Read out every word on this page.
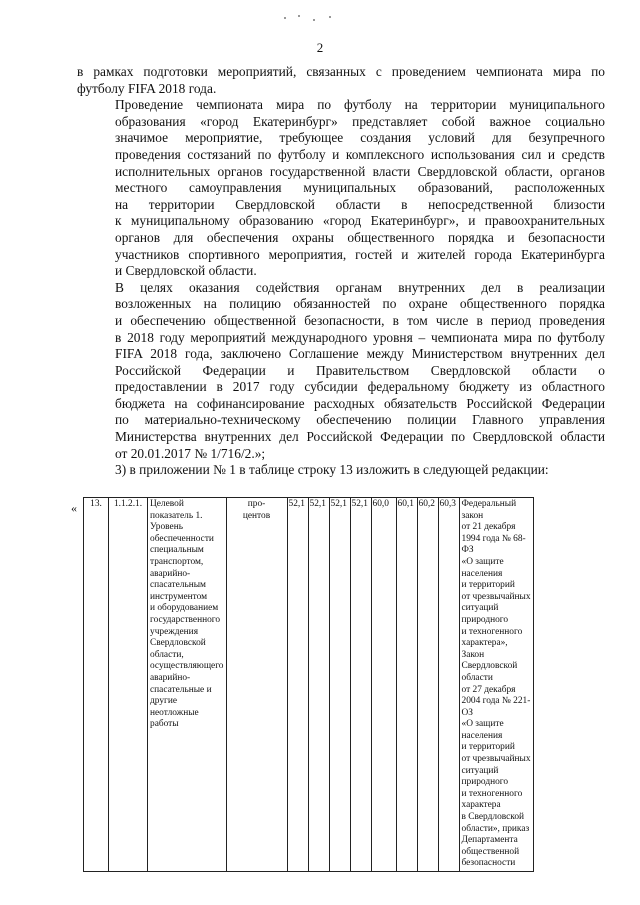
2

в рамках подготовки мероприятий, связанных с проведением чемпионата мира по
футболу FIFA 2018 года.

Проведение чемпионата мира по футболу на территории муниципального
образования «город Екатеринбург» представляет собой важное социально
значимое мероприятие, требующее создания условий для безупречного
проведения состязаний по футболу и комплексного использования сил и средств
исполнительных органов государственной власти Свердловской области, органов
местного самоуправления муниципальных образований, расположенных
на территории Свердловской области в непосредственной близости
к муниципальному образованию «город Екатеринбург», и правоохранительных
органов для обеспечения охраны общественного порядка и безопасности
участников спортивного мероприятия, гостей и жителей города Екатеринбурга
и Свердловской области.

В целях оказания содействия органам внутренних дел в реализации
возложенных на полицию обязанностей по охране общественного порядка
и обеспечению общественной безопасности, в том числе в период проведения
в 2018 году мероприятий международного уровня – чемпионата мира по футболу
FIFA 2018 года, заключено Соглашение между Министерством внутренних дел
Российской Федерации и Правительством Свердловской области о
предоставлении в 2017 году субсидии федеральному бюджету из областного
бюджета на софинансирование расходных обязательств Российской Федерации
по материально-техническому обеспечению полиции Главного управления
Министерства внутренних дел Российской Федерации по Свердловской области
от 20.01.2017 № 1/716/2.»;

3) в приложении № 1 в таблице строку 13 изложить в следующей редакции:

« 13.	1.1.2.1.	Целевой показатель 1.
Уровень
обеспеченности
специальным
транспортом,
аварийно-
спасательным
инструментом
и оборудованием
государственного
учреждения
Свердловской
области,
осуществляющего
аварийно-
спасательные и
другие неотложные
работы

про-
центов
	52,1	52,1	52,1	52,1	60,0	60,1	60,2	60,3	Федеральный закон
от 21 декабря
1994 года № 68-ФЗ
«О защите
населения
и территорий
от чрезвычайных
ситуаций
природного
и техногенного
характера», Закон
Свердловской
области
от 27 декабря
2004 года № 221-ОЗ
«О защите
населения
и территорий
от чрезвычайных
ситуаций
природного
и техногенного
характера
в Свердловской
области», приказ
Департамента
общественной
безопасности
